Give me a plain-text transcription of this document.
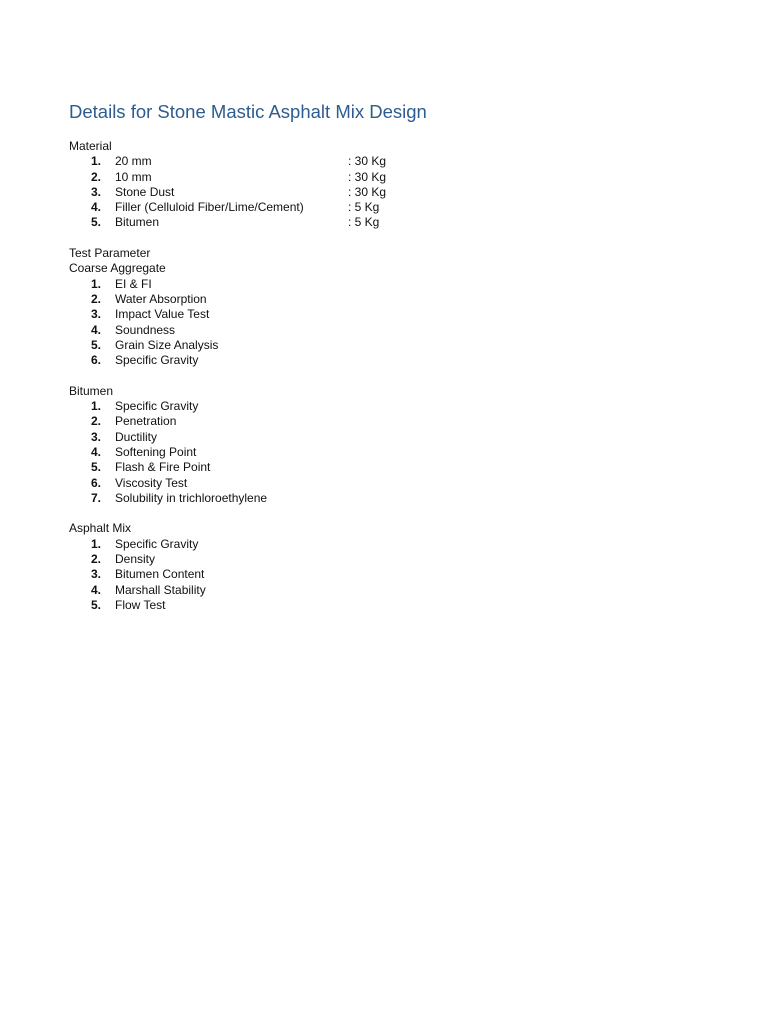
Details for Stone Mastic Asphalt Mix Design
Material
1. 20 mm	: 30 Kg
2. 10 mm	: 30 Kg
3. Stone Dust	: 30 Kg
4. Filler (Celluloid Fiber/Lime/Cement)	: 5 Kg
5. Bitumen	: 5 Kg
Test Parameter
Coarse Aggregate
1. EI & FI
2. Water Absorption
3. Impact Value Test
4. Soundness
5. Grain Size Analysis
6. Specific Gravity
Bitumen
1. Specific Gravity
2. Penetration
3. Ductility
4. Softening Point
5. Flash & Fire Point
6. Viscosity Test
7. Solubility in trichloroethylene
Asphalt Mix
1. Specific Gravity
2. Density
3. Bitumen Content
4. Marshall Stability
5. Flow Test
